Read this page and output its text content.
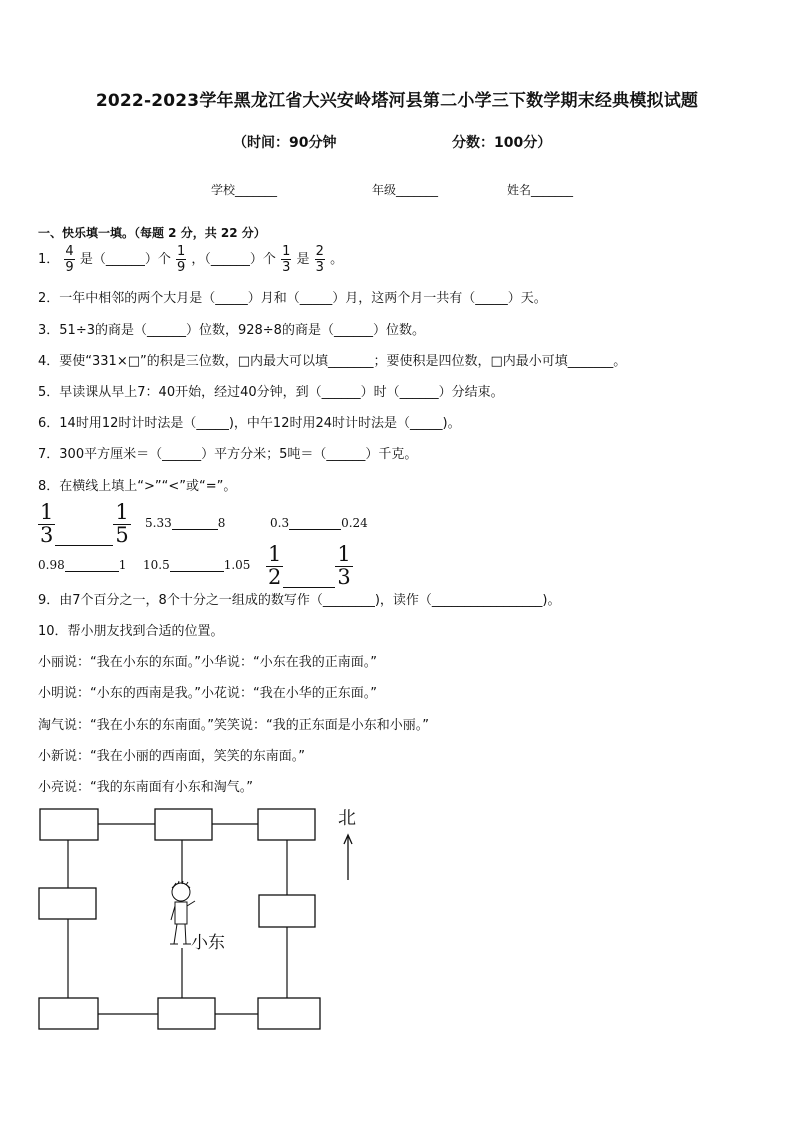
2022-2023学年黑龙江省大兴安岭塔河县第二小学三下数学期末经典模拟试题
（时间：90分钟	分数：100分）
学校_______	年级_______	姓名_______
一、快乐填一填。（每题 2 分，共 22 分）
1． $\frac{4}{9}$ 是（______）个 $\frac{1}{9}$ ，（______）个 $\frac{1}{3}$ 是 $\frac{2}{3}$ 。
2．一年中相邻的两个大月是（_____）月和（_____）月，这两个月一共有（_____）天。
3．51÷3的商是（______）位数，928÷8的商是（______）位数。
4．要使“331×□”的积是三位数，□内最大可以填_______；要使积是四位数，□内最小可填_______。
5．早读课从早上7：40开始，经过40分钟，到（______）时（______）分结束。
6．14时用12时计时法是（_____)，中午12时用24时计时法是（_____)。
7．300平方厘米＝（______）平方分米；5吨＝（______）千克。
8．在横线上填上“>”“<”或“=”。
$\frac{1}{3}$	$\frac{1}{5} 5.33$	8	0.3	0.24
0.98	1 10.5	$1.05 \frac{1}{2} \frac{1}{3}$
9．由7个百分之一，8个十分之一组成的数写作（________)，读作（_________________)。
10．帮小朋友找到合适的位置。
小丽说：“我在小东的东面。”小华说：“小东在我的正南面。”
小明说：“小东的西南是我。”小花说：“我在小华的正东面。”
淘气说：“我在小东的东南面。”笑笑说：“我的正东面是小东和小丽。”
小新说：“我在小丽的西南面，笑笑的东南面。”
小亮说：“我的东南面有小东和淘气。”
小东
北
